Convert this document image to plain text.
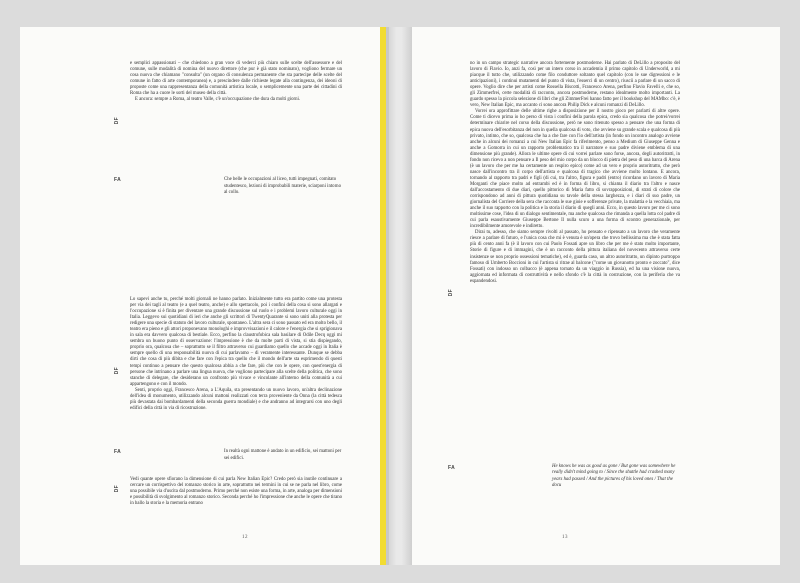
DF

e semplici appassionati – che chiedono a gran voce di vederci più chiaro sulle scelte dell'assessore e del comune, sulle modalità di nomina del nuovo direttore (che pur è già stato nominato), vogliono fermare un cosa nuova che chiamano "consulta" (un organo di consulenza permanente che sta partecipe delle scelte del comune in fatto di arte contemporanea) e, a prescindere dalle richieste legate alla contingenza, dei ideoni di proposte come una rappresentanza della comunità artistica locale, o semplicemente una parte dei cittadini di Roma che ha a cuore le sorti del museo della città.

E ancora: sempre a Roma, al teatro Valle, c'è un'occupazione che dura da molti giorni.

FA	Che belle le occupazioni al liceo, tutti impegnati, comitato studentesco, lezioni di improbabili materie, sciarponi intorno al collo.
DF

Lo sapevi anche tu, perché molti giornali ne hanno parlato. Inizialmente tutto era partito come una protesta per via dei tagli al teatro (e a quel teatro, anche) e allo spettacolo, poi i confini della cosa si sono allargati e l'occupazione si è finita per diventare una grande discussione sul ruolo e i problemi lavoro culturale oggi in Italia. Leggevo sui quotidiani di ieri che anche gli scrittori di TwentyQuarante si sono uniti alla protesta per redigere una specie di statuto del lavoro culturale, spontaneo. L'altra sera ci sono passato ed era molto bello, il teatro era pieno e gli attori proponevano monologhi e improvvisazioni e il calore e l'energia che si sprigionava in sala era davvero qualcosa di bestiale. Ecco, perfino la claustrofobica sala basilare di Odile Decq oggi mi sembra un buono punto di osservazione: l'impressione è che da molte parti di vista, si stia dispiegando, proprio ora, qualcosa che – soprattutto se il filtro attraverso cui guardiamo quello che accade oggi in Italia è sempre quello di una responsabilità nuova di cui parlavamo – di veramente interessante. Dunque se debba dirti che cosa di più dibita e che fare con l'epica tra quello che il mondo dell'arte sta esprimendo di questi tempi continuo a pensare che questo qualcosa abbia a che fare, più che con le opere, con quest'energia di persone che intrinano a parlare una lingua nuova, che vogliono partecipare alla scelte della politica, che sono stanche di delegare, che desiderano un confronto più vivace e vincolante all'interno della comunità a cui appartengono e con il mondo.

Senti, proprio oggi, Francesco Arena, a L'Aquila, sta presentando un nuovo lavoro, un'altra declinazione dell'idea di monumento, utilizzando alcuni mattoni realizzati con terra proveniente da Onna (la città tedesca più devastata dai bombardamenti della seconda guerra mondiale) e che andranno ad integrarsi con uno degli edifici della città in via di ricostruzione.

FA	In realtà ogni mattone è andato in un edificio, sei mattoni per sei edifici.
DF

Vedi quante opere sfiorano la dimensione di cui parla New Italian Epic? Credo però sia inutile continuare a cercare un corrispettivo del romanzo storico in arte, soprattutto nei termini in cui se ne parla nel libro, come una possibile via d'uscita dal postmoderno. Primo perché non esiste una forma, in arte, analoga per dimensioni e possibilità di svolgimento al romanzo storico. Seconda perché ho l'impressione che anche le opere che tirano in ballo la storia e la memoria entrano

12
DF

no in un campo strategic narrative ancora fortemente postmoderne. Hai parlato di DeLillo a proposito del lavoro di Flavio. Io, anzi fa, così per un intero corso in accademia il primo capitolo di Underworld, a mi piacque il tutto che, utilizzando come filo conduttore soltanto quel capitolo (con le sue digressioni e le anticipazioni), i continui mutamenti del punto di vista, l'esserci di un centro), riuscii a parlare di un sacco di opere. Voglio dire che per artisti come Rossella Biscotti, Francesco Arena, perfino Flavio Favelli e, che so, gli Zimmerfrei, certe modalità di racconto, ancora postmoderne, restano idealmente molto importanti. La guardo spesso la piccola selezione di libri che gli ZimmerFrei hanno fatto per il bookshop del MAMbo: c'è, è vero, New Italian Epic, ma accanto ci sono ancora Philip Dick e alcuni romanzi di DeLillo.

Vorrei ora approfittare delle ultime righe a disposizione per il nostro gioco per parlarti di altre opere. Come ti dicevo prima io ho perso di vista i confini della parola epica, credo sia qualcosa che potrei/vorrei determinare chiarire nel corso della discussione, però ne sono ritenuto spesso a pensare che una forma di epica nuova dell'esorbitanza del non in quella qualcosa di voto, che avviene su grande scala e qualcosa di più privato, intimo, che so, qualcosa che ha a che fare con l'io dell'artista (in fondo un incontro analogo avviene anche in alcuni dei romanzi a cui New Italian Epic fa riferimento, penso a Medium di Giuseppe Genna e anche a Gomorra in cui un rapporto problematico tra il narratore e suo padre diviene emblema di una dimensione più grande). Allora le ultime opere di cui vorrei parlare sono forse, ancora, degli autoritratti, in fondo non ricevo a non pensare a Il peso del mio corpo da un blocco di pietra del peso di una barca di Arena (è un lavoro che per me ha certamente un respiro epico) come ad un vero e proprio autoritratto, che però nasce dall'incontro tra il corpo dell'artista e qualcosa di tragico che avviene molto lontano. E ancora, tornando al rapporto tra padri e figli (di cui, tra l'altro, figura e padri (entro) ricordano un lavoro di Maria Morganti che piace molto ad entrambi ed è in forma di libro, si chiama il diario tra l'altro e nasce dall'accostamento di due diari, quello pittorico di Maria fatto di sovrapposizioni, di strati di colore che corrispondono ad anni di pittura quotidiana su tavole della stessa larghezza, e i diari di suo padre, un giornalista del Corriere della sera che racconta le sue gioie e sofferenze private, la malattia e la vecchiaia, ma anche il suo rapporto con la politica e la storia il diario di quegli anni. Ecco, in questo lavoro per me ci sono moltissime cose, l'idea di un dialogo sentimentale, ma anche qualcosa che rimanda a quella lotta col padre di cui parla esaustivamente Giuseppe Bertone Il nulla scuro a una forma di scontro generazionale, per incredibilmente amorevole e indiretto.

Dirai tu, adesso, che siamo sempre rivolti al passato, ho pensato e ripensato a un lavoro che veramente riesce a parlare di futuro, e l'unica cosa che mi è venuta è un'opera che trovo bellissima ma che è stata fatta più di cento anni fa (è il lavoro con cui Paolo Fossati apre un libro che per me è stato molto importante, Storie di figure e di immagini, che è un racconto della pittura italiana del novecento attraverso certe insistenze se non proprio ossessioni tematiche), ed è, guarda caso, un altro autoritratto, un dipinto purtroppo famoso di Umberto Boccioni in cui l'artista si ritrae al balcone ("come un giovanotto pronto e zoccato", dice Fossati) con indosso un colbacco (è appena tornato da un viaggio in Russia), ed ha una visione nuova, aggiornata ed informata di costruttività e nello sfondo c'è la città in costruzione, con la periferia che va espandendosi.

FA	He knows he was as good as gone / But gone was somewhere he really didn't mind going to / Since the shuttle had crashed many years had passed / And the pictures of his loved ones / That the docu
13
